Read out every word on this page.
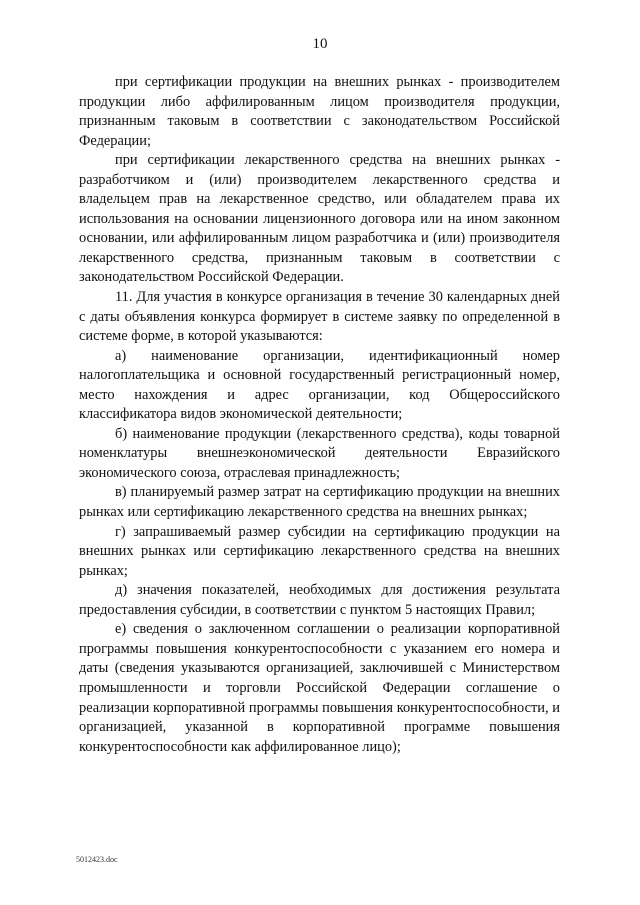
10

при сертификации продукции на внешних рынках - производителем продукции либо аффилированным лицом производителя продукции, признанным таковым в соответствии с законодательством Российской Федерации;

при сертификации лекарственного средства на внешних рынках - разработчиком и (или) производителем лекарственного средства и владельцем прав на лекарственное средство, или обладателем права их использования на основании лицензионного договора или на ином законном основании, или аффилированным лицом разработчика и (или) производителя лекарственного средства, признанным таковым в соответствии с законодательством Российской Федерации.

11. Для участия в конкурсе организация в течение 30 календарных дней с даты объявления конкурса формирует в системе заявку по определенной в системе форме, в которой указываются:

а) наименование организации, идентификационный номер налогоплательщика и основной государственный регистрационный номер, место нахождения и адрес организации, код Общероссийского классификатора видов экономической деятельности;

б) наименование продукции (лекарственного средства), коды товарной номенклатуры внешнеэкономической деятельности Евразийского экономического союза, отраслевая принадлежность;

в) планируемый размер затрат на сертификацию продукции на внешних рынках или сертификацию лекарственного средства на внешних рынках;

г) запрашиваемый размер субсидии на сертификацию продукции на внешних рынках или сертификацию лекарственного средства на внешних рынках;

д) значения показателей, необходимых для достижения результата предоставления субсидии, в соответствии с пунктом 5 настоящих Правил;

е) сведения о заключенном соглашении о реализации корпоративной программы повышения конкурентоспособности с указанием его номера и даты (сведения указываются организацией, заключившей с Министерством промышленности и торговли Российской Федерации соглашение о реализации корпоративной программы повышения конкурентоспособности, и организацией, указанной в корпоративной программе повышения конкурентоспособности как аффилированное лицо);

5012423.doc
